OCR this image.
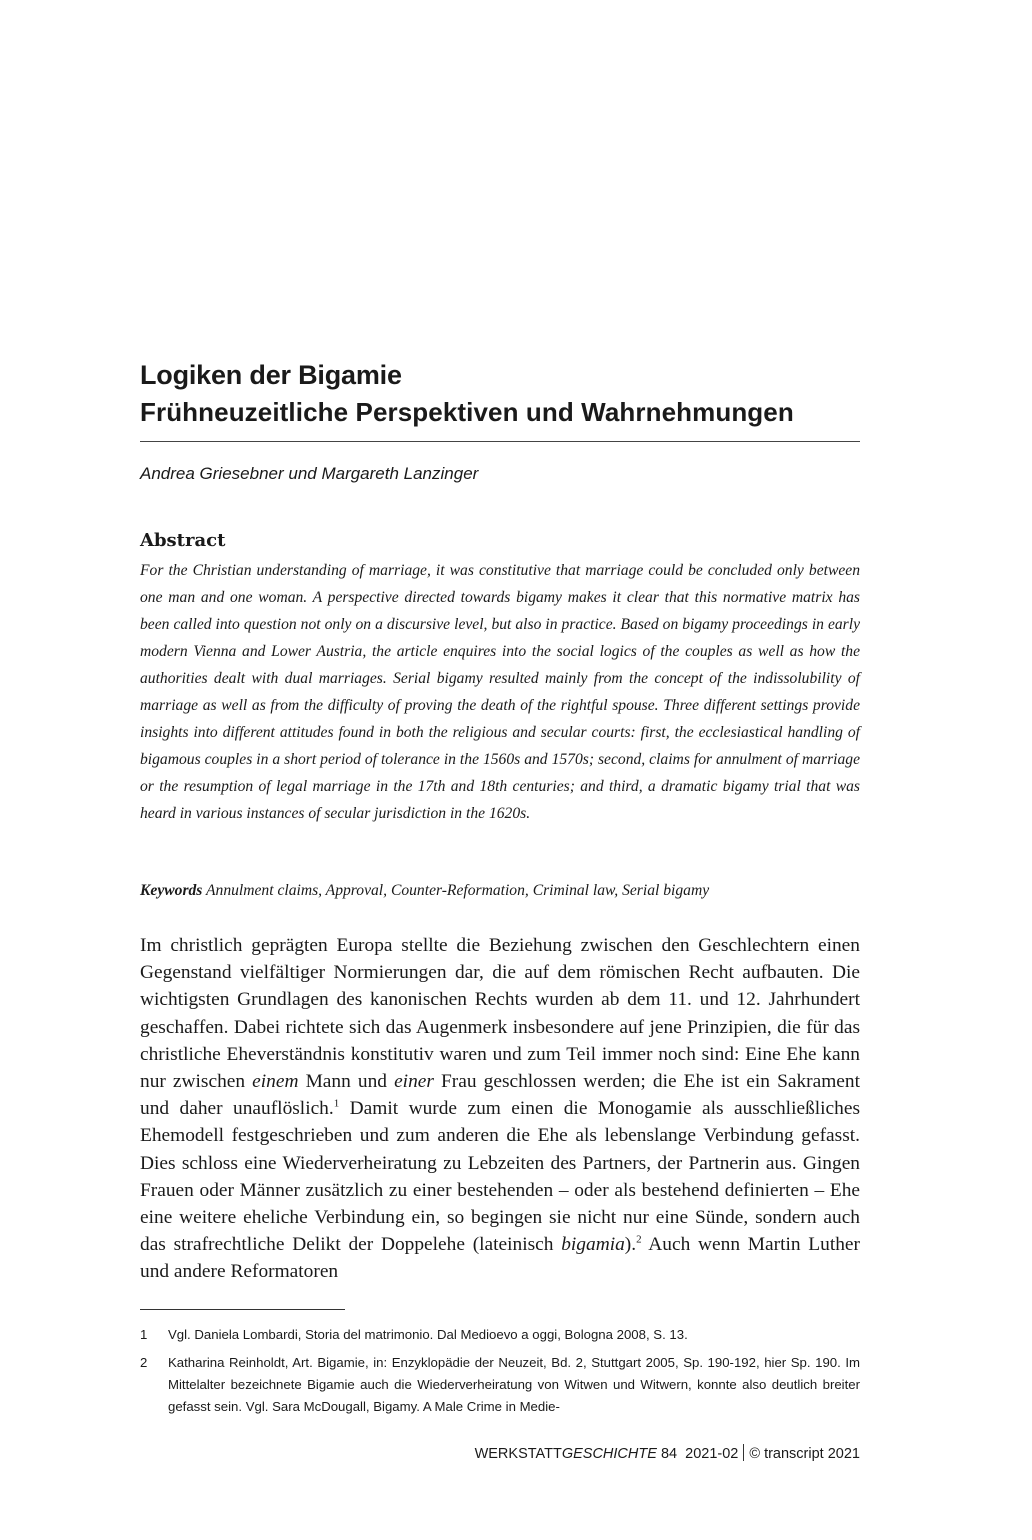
Logiken der Bigamie
Frühneuzeitliche Perspektiven und Wahrnehmungen
Andrea Griesebner und Margareth Lanzinger
Abstract

For the Christian understanding of marriage, it was constitutive that marriage could be concluded only between one man and one woman. A perspective directed towards bigamy makes it clear that this normative matrix has been called into question not only on a discursive level, but also in practice. Based on bigamy proceedings in early modern Vienna and Lower Austria, the article enquires into the social logics of the couples as well as how the authorities dealt with dual marriages. Serial bigamy resulted mainly from the concept of the indissolubility of marriage as well as from the difficulty of proving the death of the rightful spouse. Three different settings provide insights into different attitudes found in both the religious and secular courts: first, the ecclesiastical handling of bigamous couples in a short period of tolerance in the 1560s and 1570s; second, claims for annulment of marriage or the resumption of legal marriage in the 17th and 18th centuries; and third, a dramatic bigamy trial that was heard in various instances of secular jurisdiction in the 1620s.

Keywords Annulment claims, Approval, Counter-Reformation, Criminal law, Serial bigamy

Im christlich geprägten Europa stellte die Beziehung zwischen den Geschlechtern einen Gegenstand vielfältiger Normierungen dar, die auf dem römischen Recht aufbauten. Die wichtigsten Grundlagen des kanonischen Rechts wurden ab dem 11. und 12. Jahrhundert geschaffen. Dabei richtete sich das Augenmerk insbesondere auf jene Prinzipien, die für das christliche Eheverständnis konstitutiv waren und zum Teil immer noch sind: Eine Ehe kann nur zwischen einem Mann und einer Frau geschlossen werden; die Ehe ist ein Sakrament und daher unauflöslich.$^1$ Damit wurde zum einen die Monogamie als ausschließliches Ehemodell festgeschrieben und zum anderen die Ehe als lebenslange Verbindung gefasst. Dies schloss eine Wiederverheiratung zu Lebzeiten des Partners, der Partnerin aus. Gingen Frauen oder Männer zusätzlich zu einer bestehenden – oder als bestehend definierten – Ehe eine weitere eheliche Verbindung ein, so begingen sie nicht nur eine Sünde, sondern auch das strafrechtliche Delikt der Doppelehe (lateinisch bigamia).$^2$ Auch wenn Martin Luther und andere Reformatoren

1 Vgl. Daniela Lombardi, Storia del matrimonio. Dal Medioevo a oggi, Bologna 2008, S. 13.
2 Katharina Reinholdt, Art. Bigamie, in: Enzyklopädie der Neuzeit, Bd. 2, Stuttgart 2005, Sp. 190-192, hier Sp. 190. Im Mittelalter bezeichnete Bigamie auch die Wiederverheiratung von Witwen und Witwern, konnte also deutlich breiter gefasst sein. Vgl. Sara McDougall, Bigamy. A Male Crime in Medie-
WERKSTATTGESCHICHTE 84 2021-02 © transcript 2021
